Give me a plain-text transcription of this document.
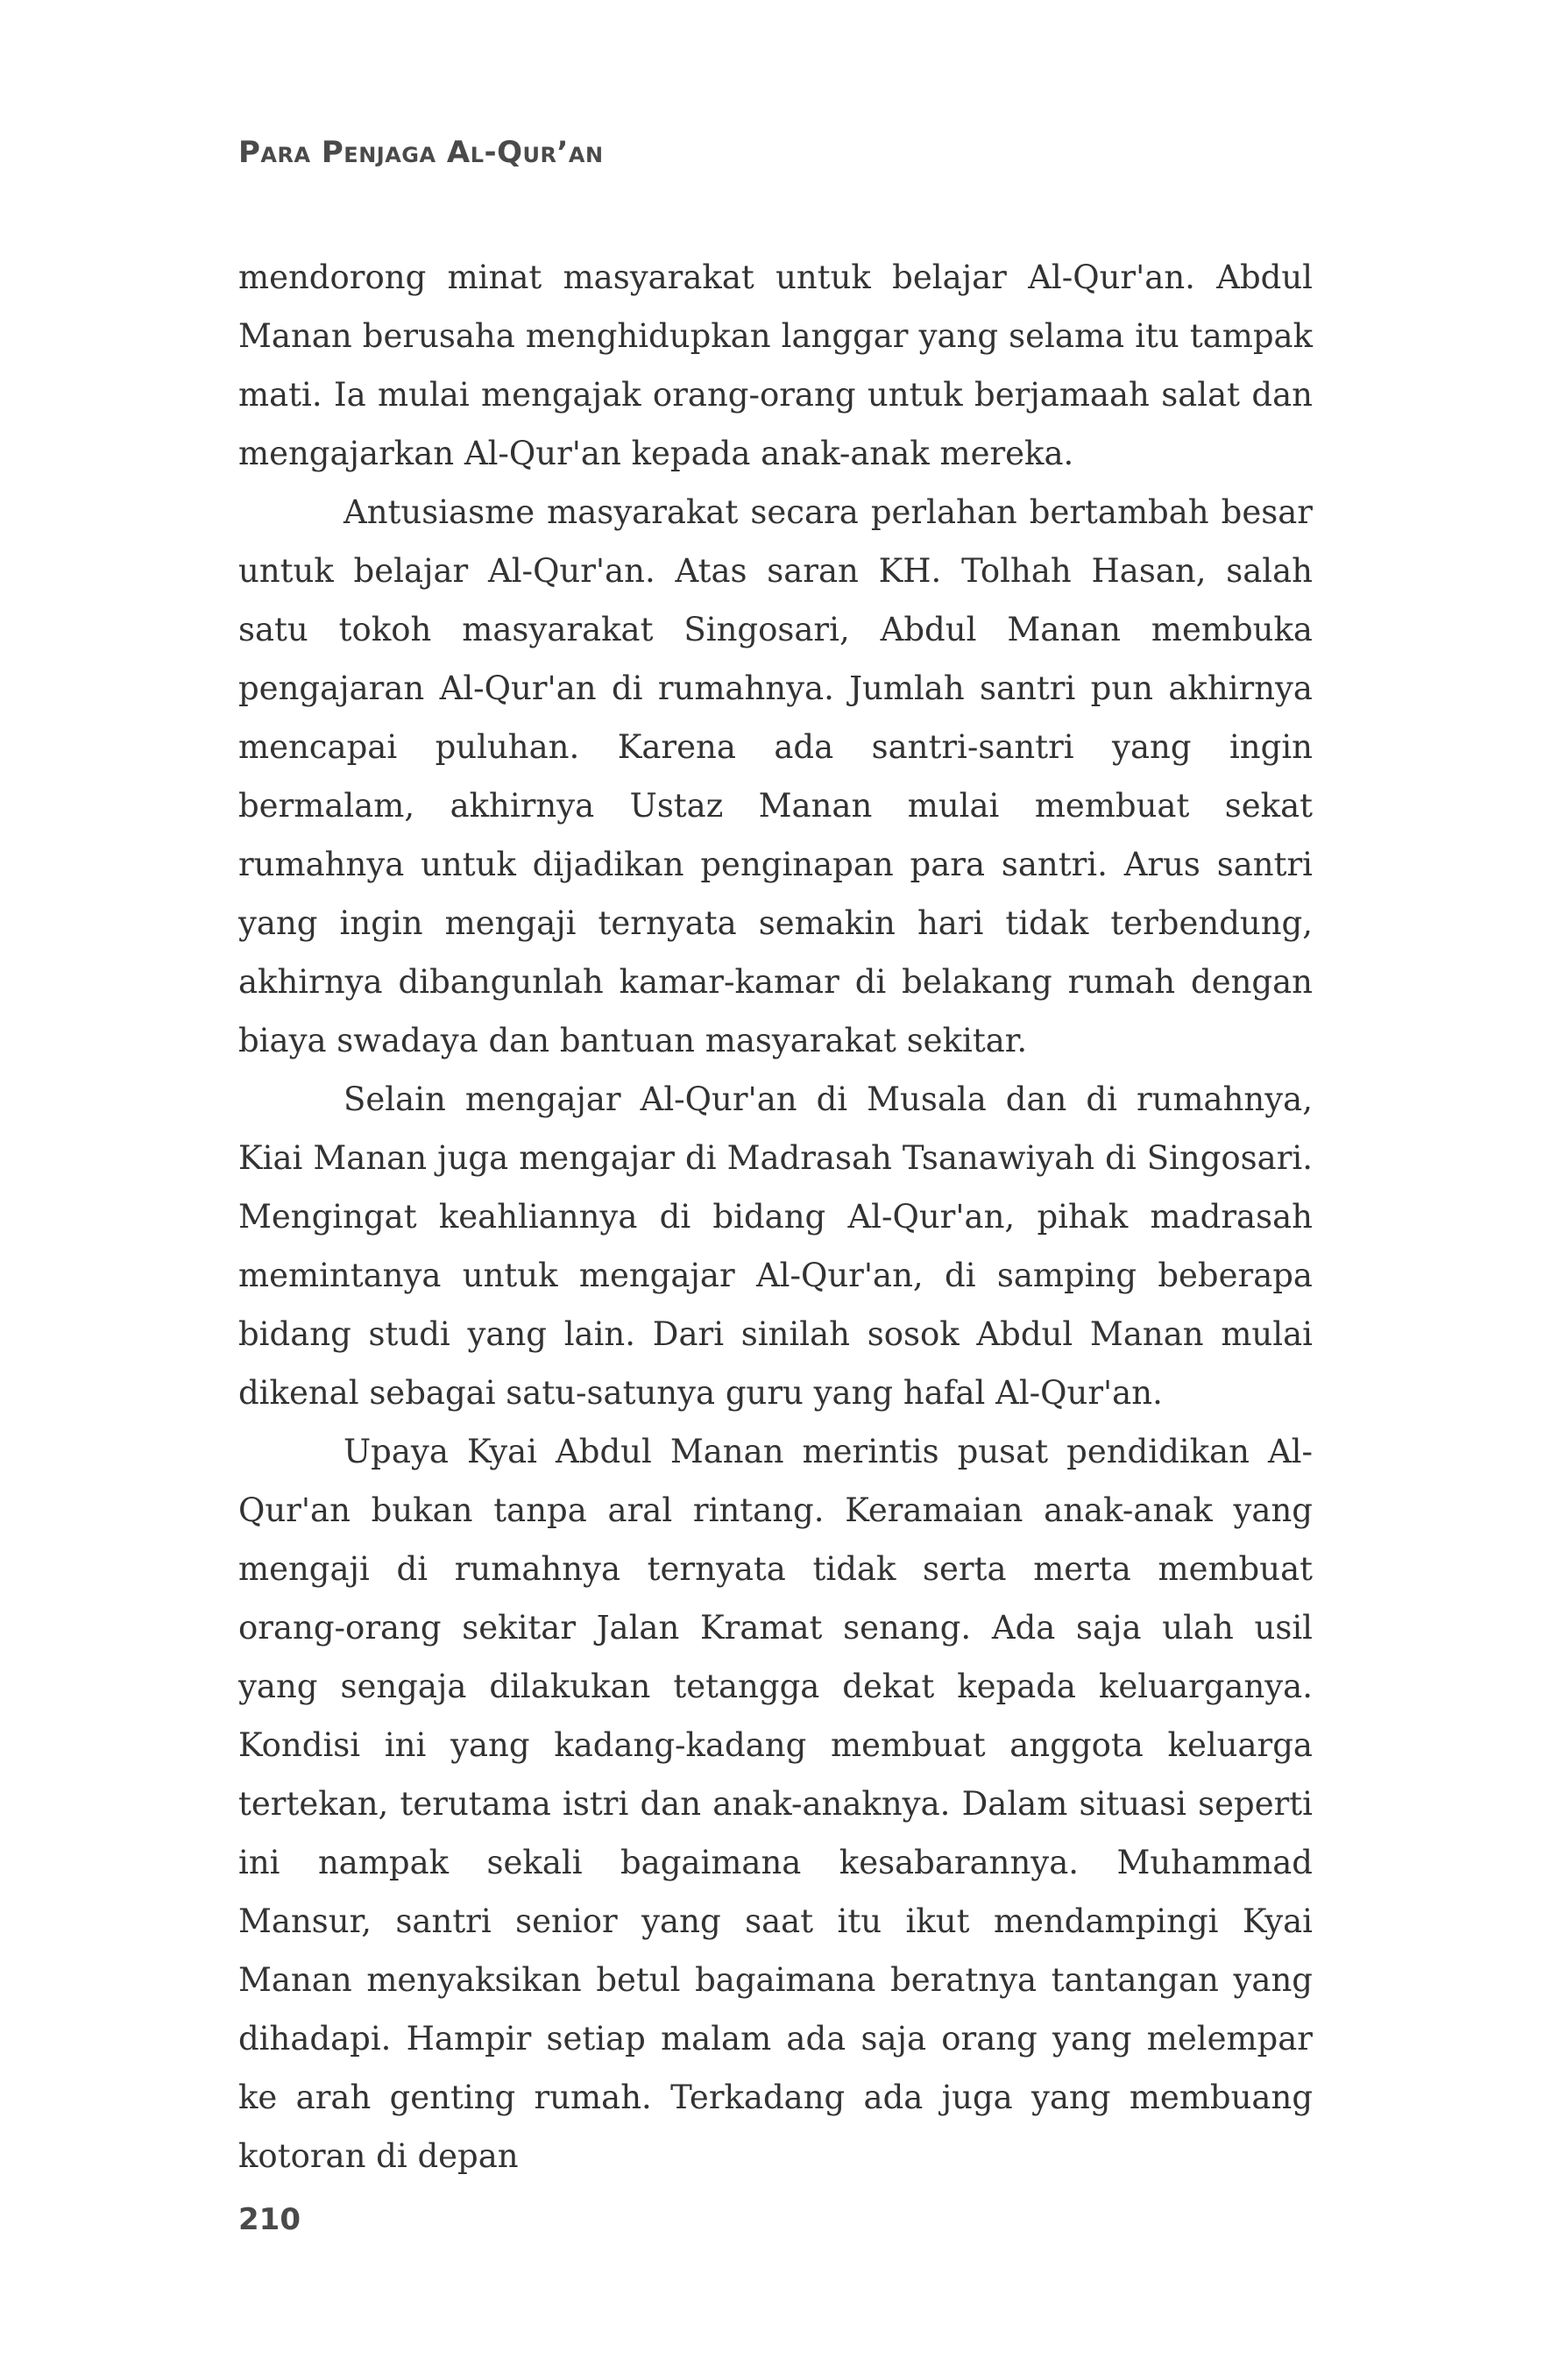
Para Penjaga Al-Qur’an

mendorong minat masyarakat untuk belajar Al-Qur'an. Abdul Manan berusaha menghidupkan langgar yang selama itu tampak mati. Ia mulai mengajak orang-orang untuk berjamaah salat dan mengajarkan Al-Qur'an kepada anak-anak mereka.

Antusiasme masyarakat secara perlahan bertambah besar untuk belajar Al-Qur'an. Atas saran KH. Tolhah Hasan, salah satu tokoh masyarakat Singosari, Abdul Manan membuka pengajaran Al-Qur'an di rumahnya. Jumlah santri pun akhirnya mencapai puluhan. Karena ada santri-santri yang ingin bermalam, akhirnya Ustaz Manan mulai membuat sekat rumahnya untuk dijadikan penginapan para santri. Arus santri yang ingin mengaji ternyata semakin hari tidak terbendung, akhirnya dibangunlah kamar-kamar di belakang rumah dengan biaya swadaya dan bantuan masyarakat sekitar.

Selain mengajar Al-Qur'an di Musala dan di rumahnya, Kiai Manan juga mengajar di Madrasah Tsanawiyah di Singosari. Mengingat keahliannya di bidang Al-Qur'an, pihak madrasah memintanya untuk mengajar Al-Qur'an, di samping beberapa bidang studi yang lain. Dari sinilah sosok Abdul Manan mulai dikenal sebagai satu-satunya guru yang hafal Al-Qur'an.

Upaya Kyai Abdul Manan merintis pusat pendidikan Al-Qur'an bukan tanpa aral rintang. Keramaian anak-anak yang mengaji di rumahnya ternyata tidak serta merta membuat orang-orang sekitar Jalan Kramat senang. Ada saja ulah usil yang sengaja dilakukan tetangga dekat kepada keluarganya. Kondisi ini yang kadang-kadang membuat anggota keluarga tertekan, terutama istri dan anak-anaknya. Dalam situasi seperti ini nampak sekali bagaimana kesabarannya. Muhammad Mansur, santri senior yang saat itu ikut mendampingi Kyai Manan menyaksikan betul bagaimana beratnya tantangan yang dihadapi. Hampir setiap malam ada saja orang yang melempar ke arah genting rumah. Terkadang ada juga yang membuang kotoran di depan

210
